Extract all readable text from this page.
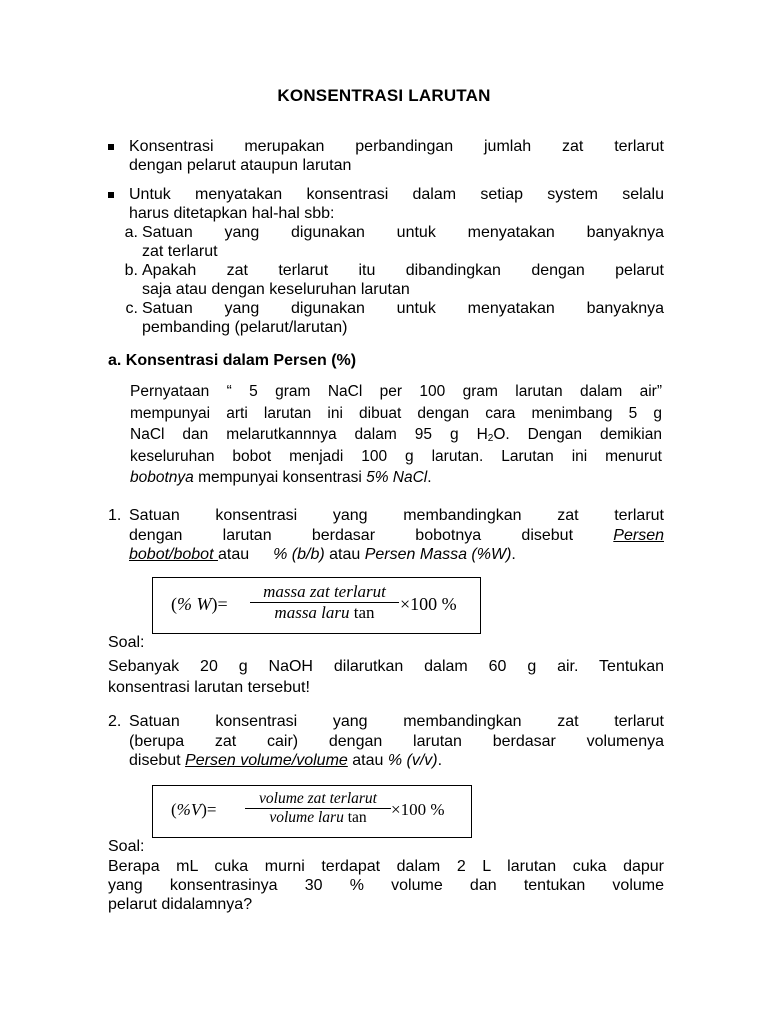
KONSENTRASI LARUTAN
Konsentrasi merupakan perbandingan jumlah zat terlarut
dengan pelarut ataupun larutan
Untuk menyatakan konsentrasi dalam setiap system selalu
harus ditetapkan hal-hal sbb:
a. Satuan yang digunakan untuk menyatakan banyaknya
zat terlarut
b. Apakah zat terlarut itu dibandingkan dengan pelarut
saja atau dengan keseluruhan larutan
c. Satuan yang digunakan untuk menyatakan banyaknya
pembanding (pelarut/larutan)
a. Konsentrasi dalam Persen (%)
Pernyataan “ 5 gram NaCl per 100 gram larutan dalam air”
mempunyai arti larutan ini dibuat dengan cara menimbang 5 g
NaCl dan melarutkannnya dalam 95 g $H_2O$. Dengan demikian
keseluruhan bobot menjadi 100 g larutan. Larutan ini menurut
bobotnya mempunyai konsentrasi 5% NaCl.
1. Satuan konsentrasi yang membandingkan zat terlarut
dengan larutan berdasar bobotnya disebut Persen
bobot/bobot atau % (b/b) atau Persen Massa (%W).
(% W)=
massa zat terlarut
massa laru tan	×100 %
Soal:
Sebanyak 20 g NaOH dilarutkan dalam 60 g air. Tentukan
konsentrasi larutan tersebut!
2. Satuan konsentrasi yang membandingkan zat terlarut
(berupa zat cair) dengan larutan berdasar volumenya
disebut Persen volume/volume atau % (v/v).
(%V)=
volume zat terlarut
volume laru tan	×100 %
Soal:
Berapa mL cuka murni terdapat dalam 2 L larutan cuka dapur
yang konsentrasinya 30 % volume dan tentukan volume
pelarut didalamnya?
